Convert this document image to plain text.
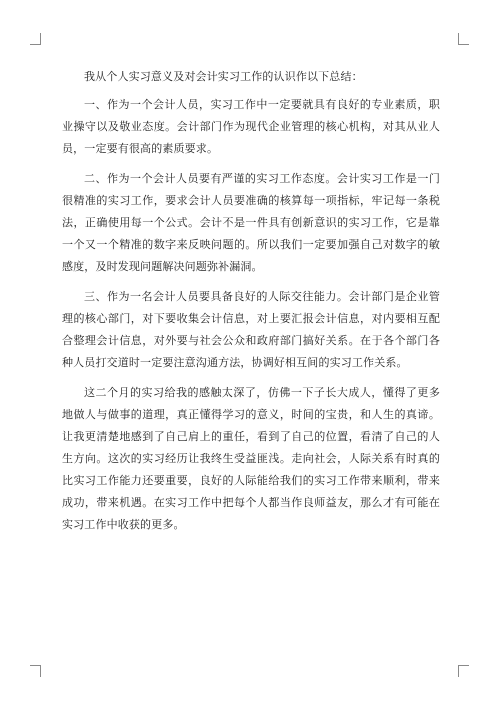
我从个人实习意义及对会计实习工作的认识作以下总结：

一、作为一个会计人员，实习工作中一定要就具有良好的专业素质，职业操守以及敬业态度。会计部门作为现代企业管理的核心机构，对其从业人员，一定要有很高的素质要求。

二、作为一个会计人员要有严谨的实习工作态度。会计实习工作是一门很精准的实习工作，要求会计人员要准确的核算每一项指标，牢记每一条税法，正确使用每一个公式。会计不是一件具有创新意识的实习工作，它是靠一个又一个精准的数字来反映问题的。所以我们一定要加强自己对数字的敏感度，及时发现问题解决问题弥补漏洞。

三、作为一名会计人员要具备良好的人际交往能力。会计部门是企业管理的核心部门，对下要收集会计信息，对上要汇报会计信息，对内要相互配合整理会计信息，对外要与社会公众和政府部门搞好关系。在于各个部门各种人员打交道时一定要注意沟通方法，协调好相互间的实习工作关系。

这二个月的实习给我的感触太深了，仿佛一下子长大成人，懂得了更多地做人与做事的道理，真正懂得学习的意义，时间的宝贵，和人生的真谛。让我更清楚地感到了自己肩上的重任，看到了自己的位置，看清了自己的人生方向。这次的实习经历让我终生受益匪浅。走向社会，人际关系有时真的比实习工作能力还要重要，良好的人际能给我们的实习工作带来顺利，带来成功，带来机遇。在实习工作中把每个人都当作良师益友，那么才有可能在实习工作中收获的更多。
